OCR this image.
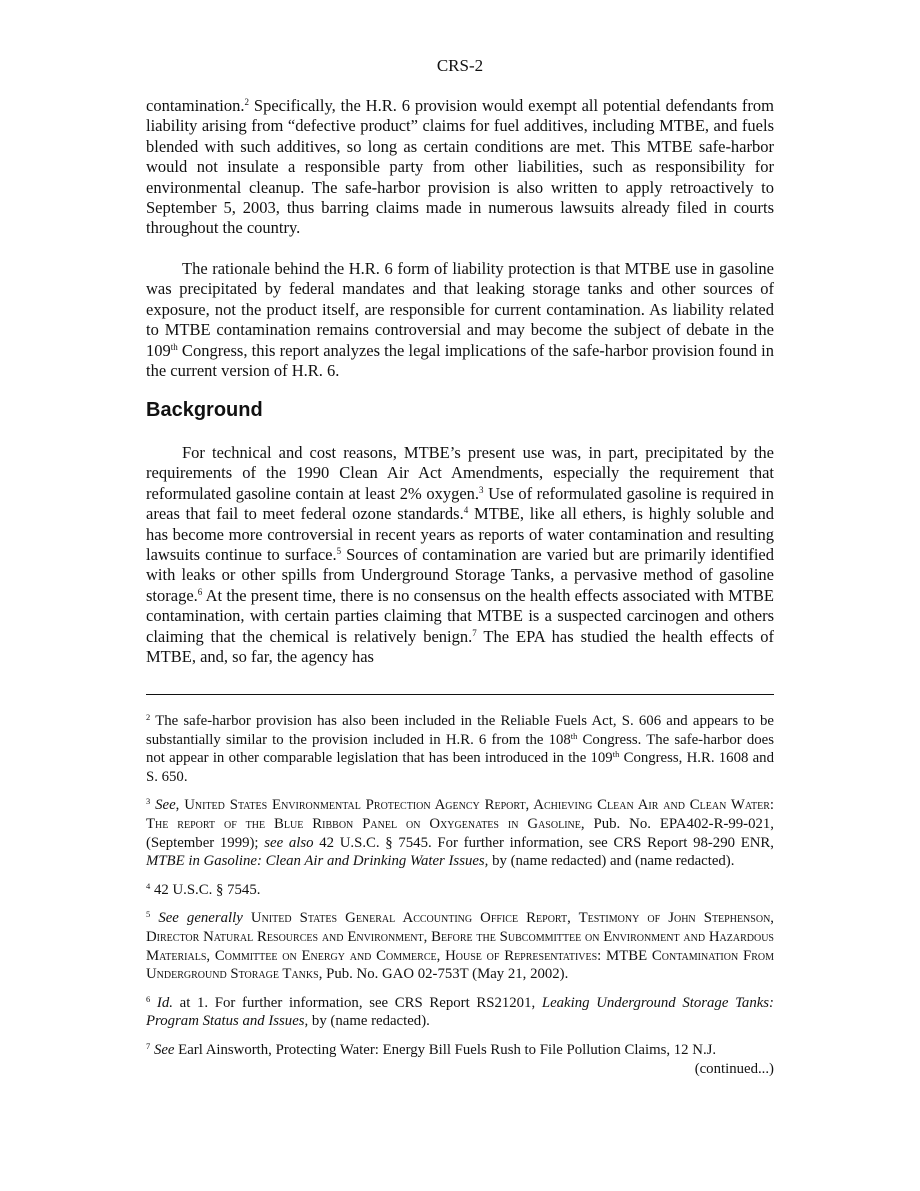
CRS-2

contamination.$^2$ Specifically, the H.R. 6 provision would exempt all potential defendants from liability arising from “defective product” claims for fuel additives, including MTBE, and fuels blended with such additives, so long as certain conditions are met. This MTBE safe-harbor would not insulate a responsible party from other liabilities, such as responsibility for environmental cleanup. The safe-harbor provision is also written to apply retroactively to September 5, 2003, thus barring claims made in numerous lawsuits already filed in courts throughout the country.

The rationale behind the H.R. 6 form of liability protection is that MTBE use in gasoline was precipitated by federal mandates and that leaking storage tanks and other sources of exposure, not the product itself, are responsible for current contamination. As liability related to MTBE contamination remains controversial and may become the subject of debate in the 109th Congress, this report analyzes the legal implications of the safe-harbor provision found in the current version of H.R. 6.

Background

For technical and cost reasons, MTBE’s present use was, in part, precipitated by the requirements of the 1990 Clean Air Act Amendments, especially the requirement that reformulated gasoline contain at least 2% oxygen.$^3$ Use of reformulated gasoline is required in areas that fail to meet federal ozone standards.$^4$ MTBE, like all ethers, is highly soluble and has become more controversial in recent years as reports of water contamination and resulting lawsuits continue to surface.$^5$ Sources of contamination are varied but are primarily identified with leaks or other spills from Underground Storage Tanks, a pervasive method of gasoline storage.$^6$ At the present time, there is no consensus on the health effects associated with MTBE contamination, with certain parties claiming that MTBE is a suspected carcinogen and others claiming that the chemical is relatively benign.$^7$ The EPA has studied the health effects of MTBE, and, so far, the agency has

$^2$ The safe-harbor provision has also been included in the Reliable Fuels Act, S. 606 and appears to be substantially similar to the provision included in H.R. 6 from the 108th Congress. The safe-harbor does not appear in other comparable legislation that has been introduced in the 109th Congress, H.R. 1608 and S. 650.

$^3$ See, United States Environmental Protection Agency Report, Achieving Clean Air and Clean Water: The report of the Blue Ribbon Panel on Oxygenates in Gasoline, Pub. No. EPA402-R-99-021, (September 1999); see also 42 U.S.C. § 7545. For further information, see CRS Report 98-290 ENR, MTBE in Gasoline: Clean Air and Drinking Water Issues, by (name redacted) and (name redacted).

$^4$ 42 U.S.C. § 7545.

$^5$ See generally United States General Accounting Office Report, Testimony of John Stephenson, Director Natural Resources and Environment, Before the Subcommittee on Environment and Hazardous Materials, Committee on Energy and Commerce, House of Representatives: MTBE Contamination From Underground Storage Tanks, Pub. No. GAO 02-753T (May 21, 2002).

$^6$ Id. at 1. For further information, see CRS Report RS21201, Leaking Underground Storage Tanks: Program Status and Issues, by (name redacted).

$^7$ See Earl Ainsworth, Protecting Water: Energy Bill Fuels Rush to File Pollution Claims, 12 N.J.

(continued...)
